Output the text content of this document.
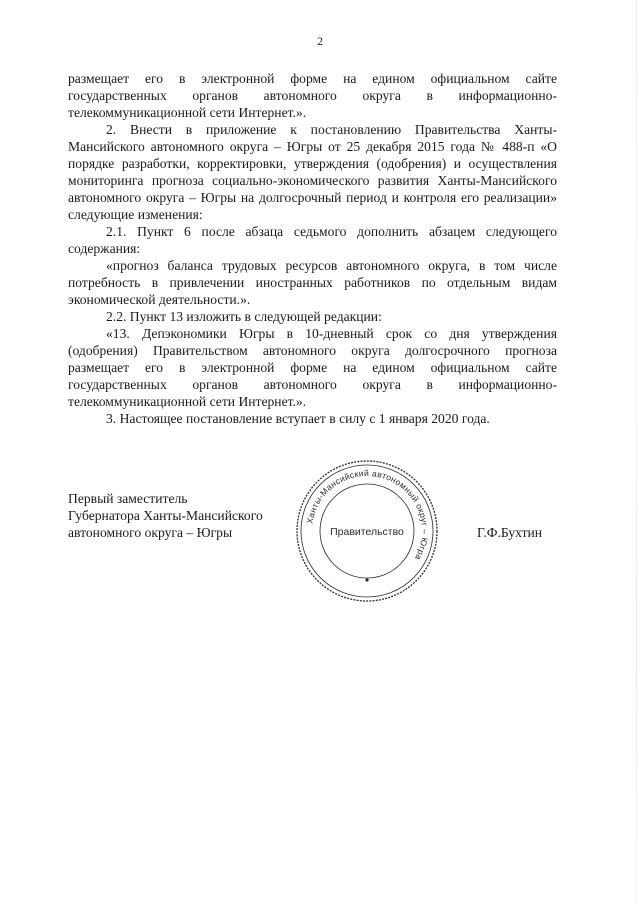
2

размещает его в электронной форме на едином официальном сайте государственных органов автономного округа в информационно-телекоммуникационной сети Интернет.».

2. Внести в приложение к постановлению Правительства Ханты-Мансийского автономного округа – Югры от 25 декабря 2015 года № 488-п «О порядке разработки, корректировки, утверждения (одобрения) и осуществления мониторинга прогноза социально-экономического развития Ханты-Мансийского автономного округа – Югры на долгосрочный период и контроля его реализации» следующие изменения:

2.1. Пункт 6 после абзаца седьмого дополнить абзацем следующего содержания:

«прогноз баланса трудовых ресурсов автономного округа, в том числе потребность в привлечении иностранных работников по отдельным видам экономической деятельности.».

2.2. Пункт 13 изложить в следующей редакции:

«13. Депэкономики Югры в 10-дневный срок со дня утверждения (одобрения) Правительством автономного округа долгосрочного прогноза размещает его в электронной форме на едином официальном сайте государственных органов автономного округа в информационно-телекоммуникационной сети Интернет.».

3. Настоящее постановление вступает в силу с 1 января 2020 года.

Первый заместитель
Губернатора Ханты-Мансийского
автономного округа – Югры
Ханты-Мансийский автономный округ – Югра
Правительство	Г.Ф.Бухтин
